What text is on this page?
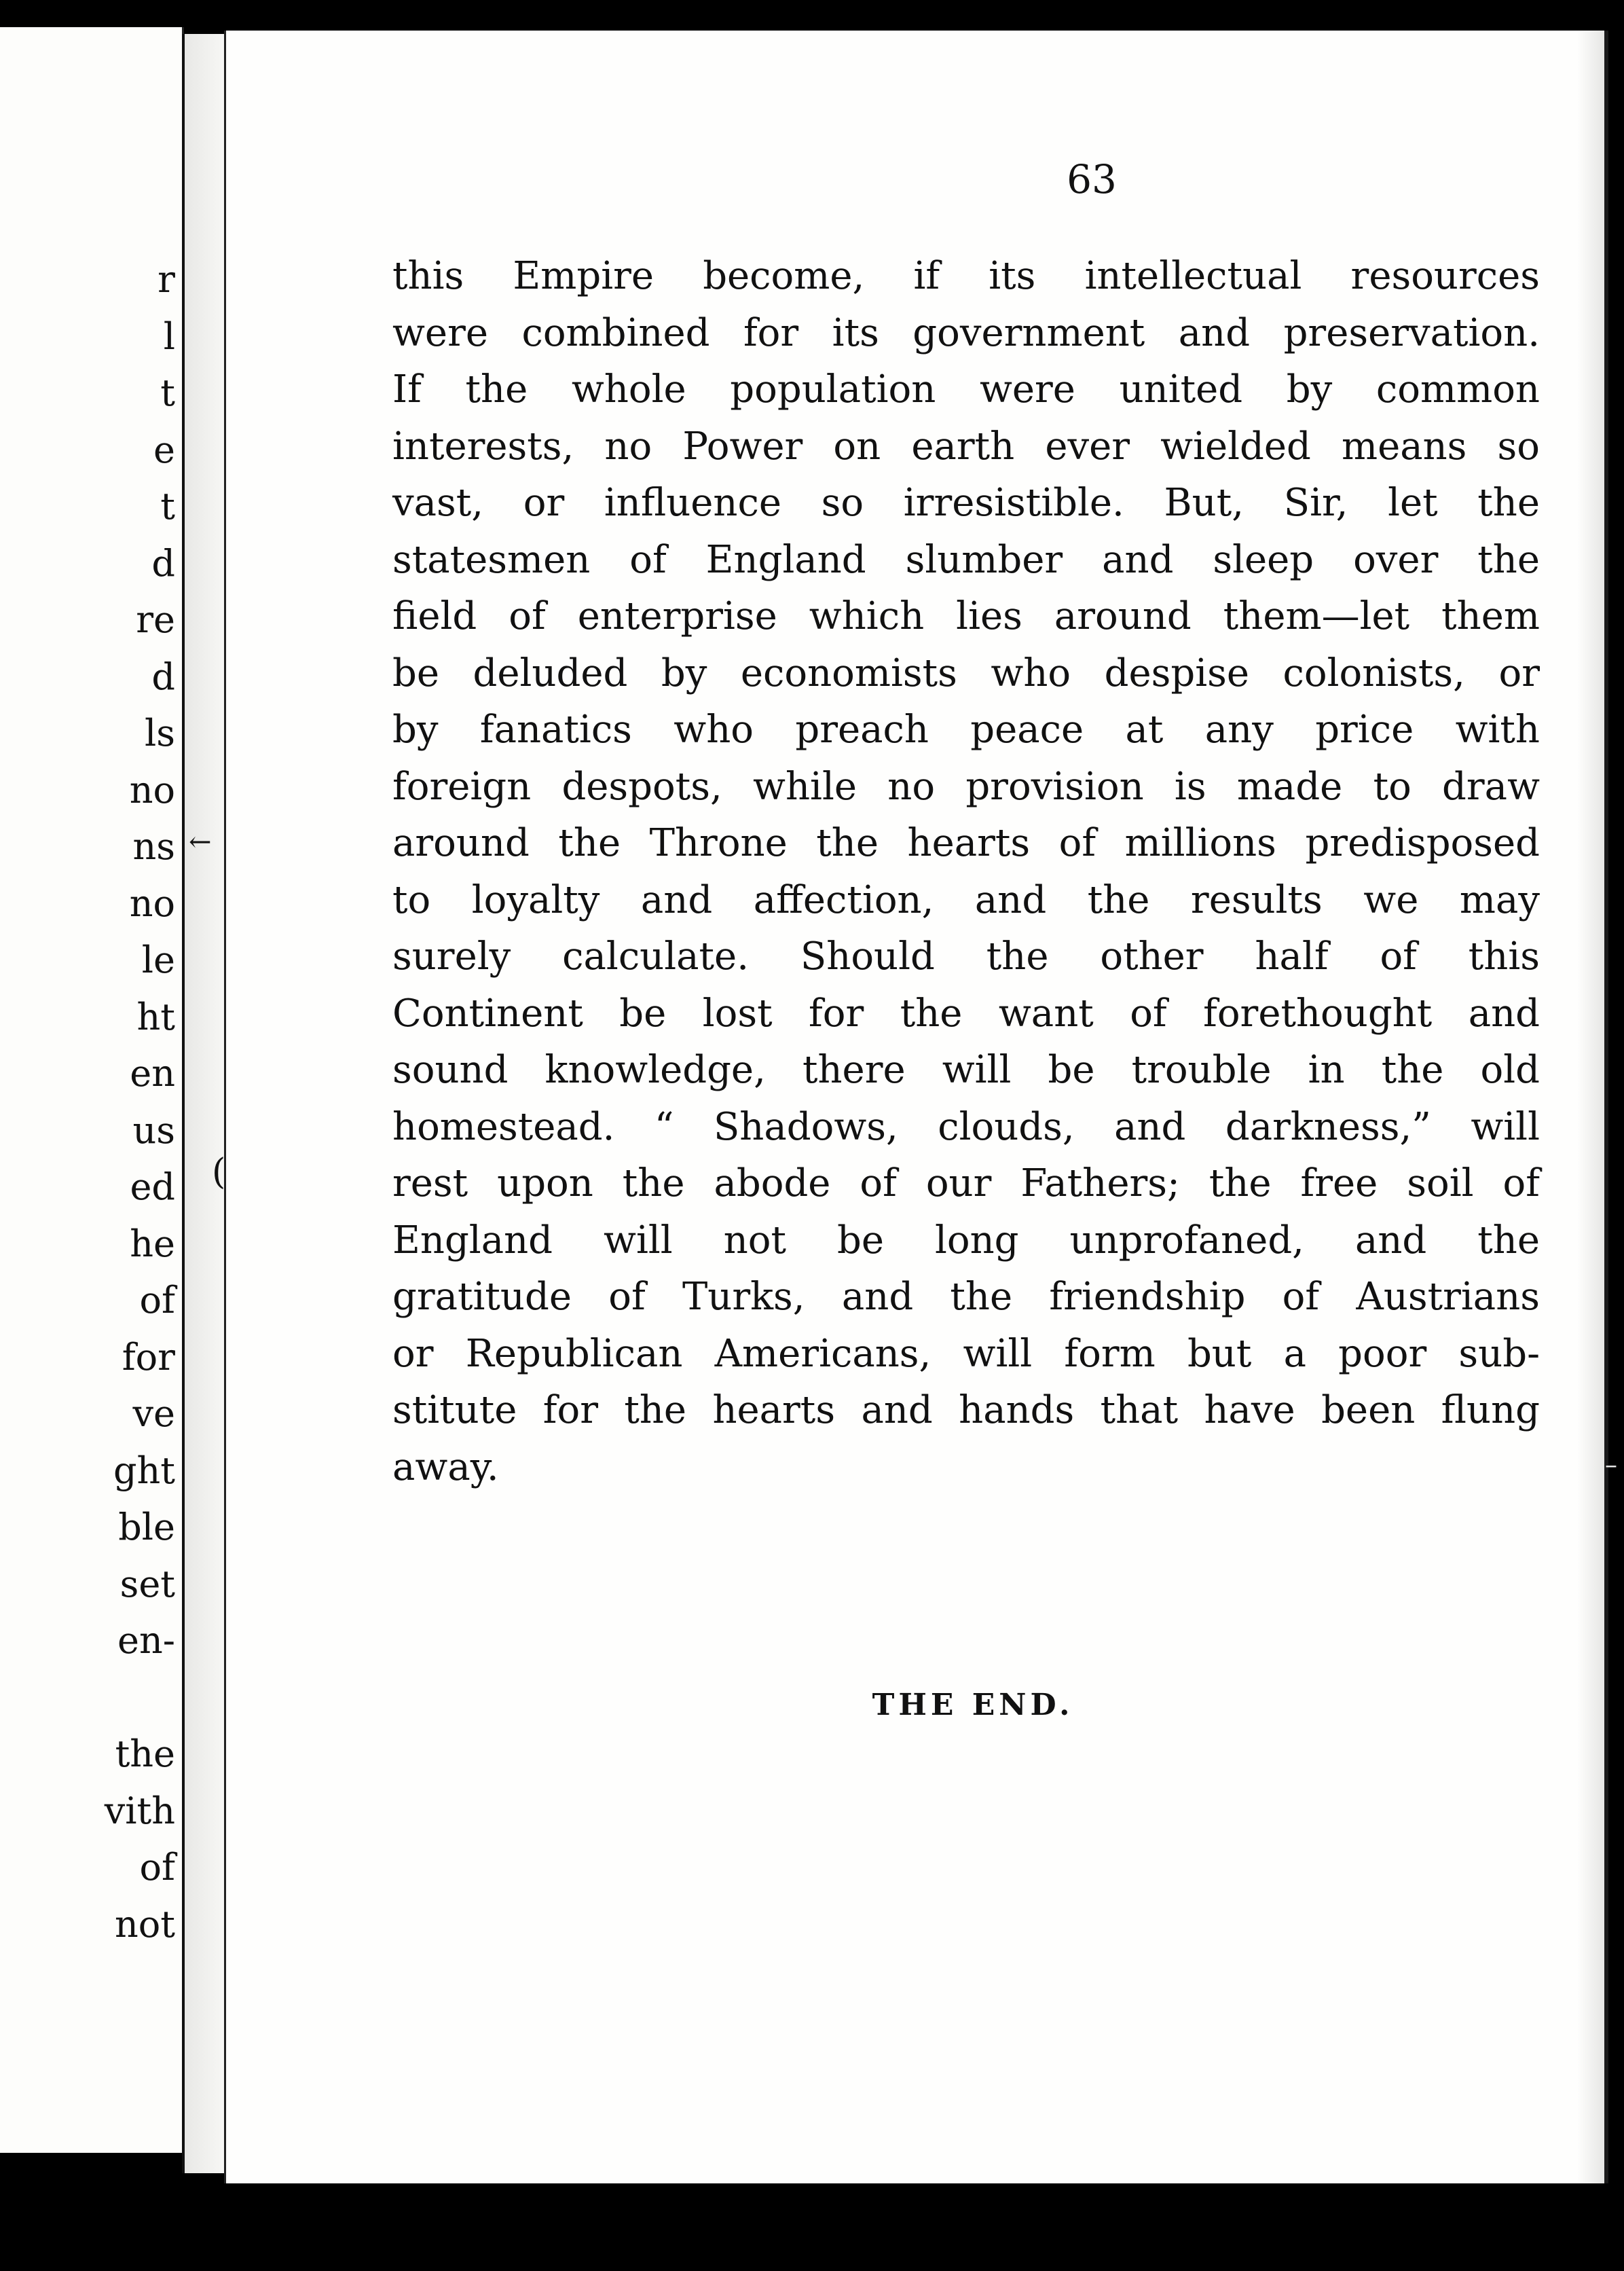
r
l
t
e
t
d
re
d
ls
no
ns
no
le
ht
en
us
ed
he
of
for
ve
ght
ble
set
en-
the
vith
of
not
63
this Empire become, if its intellectual resources
were combined for its government and preservation.
If the whole population were united by common
interests, no Power on earth ever wielded means so
vast, or influence so irresistible. But, Sir, let the
statesmen of England slumber and sleep over the
field of enterprise which lies around them—let them
be deluded by economists who despise colonists, or
by fanatics who preach peace at any price with
foreign despots, while no provision is made to draw
around the Throne the hearts of millions predisposed
to loyalty and affection, and the results we may
surely calculate. Should the other half of this
Continent be lost for the want of forethought and
sound knowledge, there will be trouble in the old
homestead. “ Shadows, clouds, and darkness,” will
rest upon the abode of our Fathers; the free soil of
England will not be long unprofaned, and the
gratitude of Turks, and the friendship of Austrians
or Republican Americans, will form but a poor sub-
stitute for the hearts and hands that have been flung
away.
THE END.
←
(
–
